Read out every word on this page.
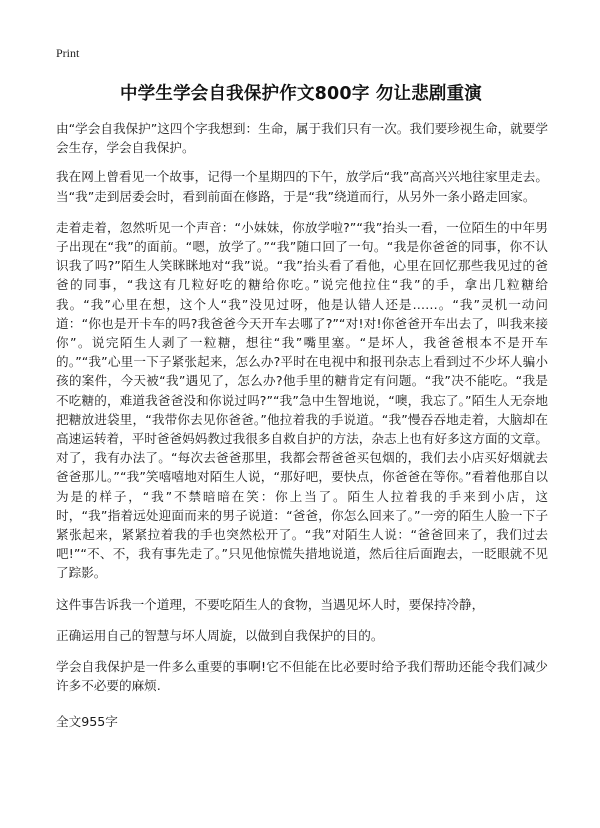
Print
中学生学会自我保护作文800字 勿让悲剧重演

由“学会自我保护”这四个字我想到：生命，属于我们只有一次。我们要珍视生命，就要学会生存，学会自我保护。

我在网上曾看见一个故事，记得一个星期四的下午，放学后“我”高高兴兴地往家里走去。当“我”走到居委会时，看到前面在修路，于是“我”绕道而行，从另外一条小路走回家。

走着走着，忽然听见一个声音：“小妹妹，你放学啦?”“我”抬头一看，一位陌生的中年男子出现在“我”的面前。“嗯，放学了。”“我”随口回了一句。“我是你爸爸的同事，你不认识我了吗?”陌生人笑眯眯地对“我”说。“我”抬头看了看他，心里在回忆那些我见过的爸爸的同事，“我这有几粒好吃的糖给你吃。”说完他拉住“我”的手，拿出几粒糖给我。“我”心里在想，这个人“我”没见过呀，他是认错人还是……。“我”灵机一动问道：“你也是开卡车的吗?我爸爸今天开车去哪了?”“对!对!你爸爸开车出去了，叫我来接你”。说完陌生人剥了一粒糖，想往“我”嘴里塞。“是坏人，我爸爸根本不是开车的。”“我”心里一下子紧张起来，怎么办?平时在电视中和报刊杂志上看到过不少坏人骗小孩的案件，今天被“我”遇见了，怎么办?他手里的糖肯定有问题。“我”决不能吃。“我是不吃糖的，难道我爸爸没和你说过吗?”“我”急中生智地说，“噢，我忘了。”陌生人无奈地把糖放进袋里，“我带你去见你爸爸。”他拉着我的手说道。“我”慢吞吞地走着，大脑却在高速运转着，平时爸爸妈妈教过我很多自救自护的方法，杂志上也有好多这方面的文章。对了，我有办法了。“每次去爸爸那里，我都会帮爸爸买包烟的，我们去小店买好烟就去爸爸那儿。”“我”笑嘻嘻地对陌生人说，“那好吧，要快点，你爸爸在等你。”看着他那自以为是的样子，“我”不禁暗暗在笑：你上当了。陌生人拉着我的手来到小店，这时，“我”指着远处迎面而来的男子说道：“爸爸，你怎么回来了。”一旁的陌生人脸一下子紧张起来，紧紧拉着我的手也突然松开了。“我”对陌生人说：“爸爸回来了，我们过去吧!”“不、不，我有事先走了。”只见他惊慌失措地说道，然后往后面跑去，一眨眼就不见了踪影。

这件事告诉我一个道理，不要吃陌生人的食物，当遇见坏人时，要保持冷静，

正确运用自己的智慧与坏人周旋，以做到自我保护的目的。

学会自我保护是一件多么重要的事啊!它不但能在比必要时给予我们帮助还能令我们减少许多不必要的麻烦.

全文955字
